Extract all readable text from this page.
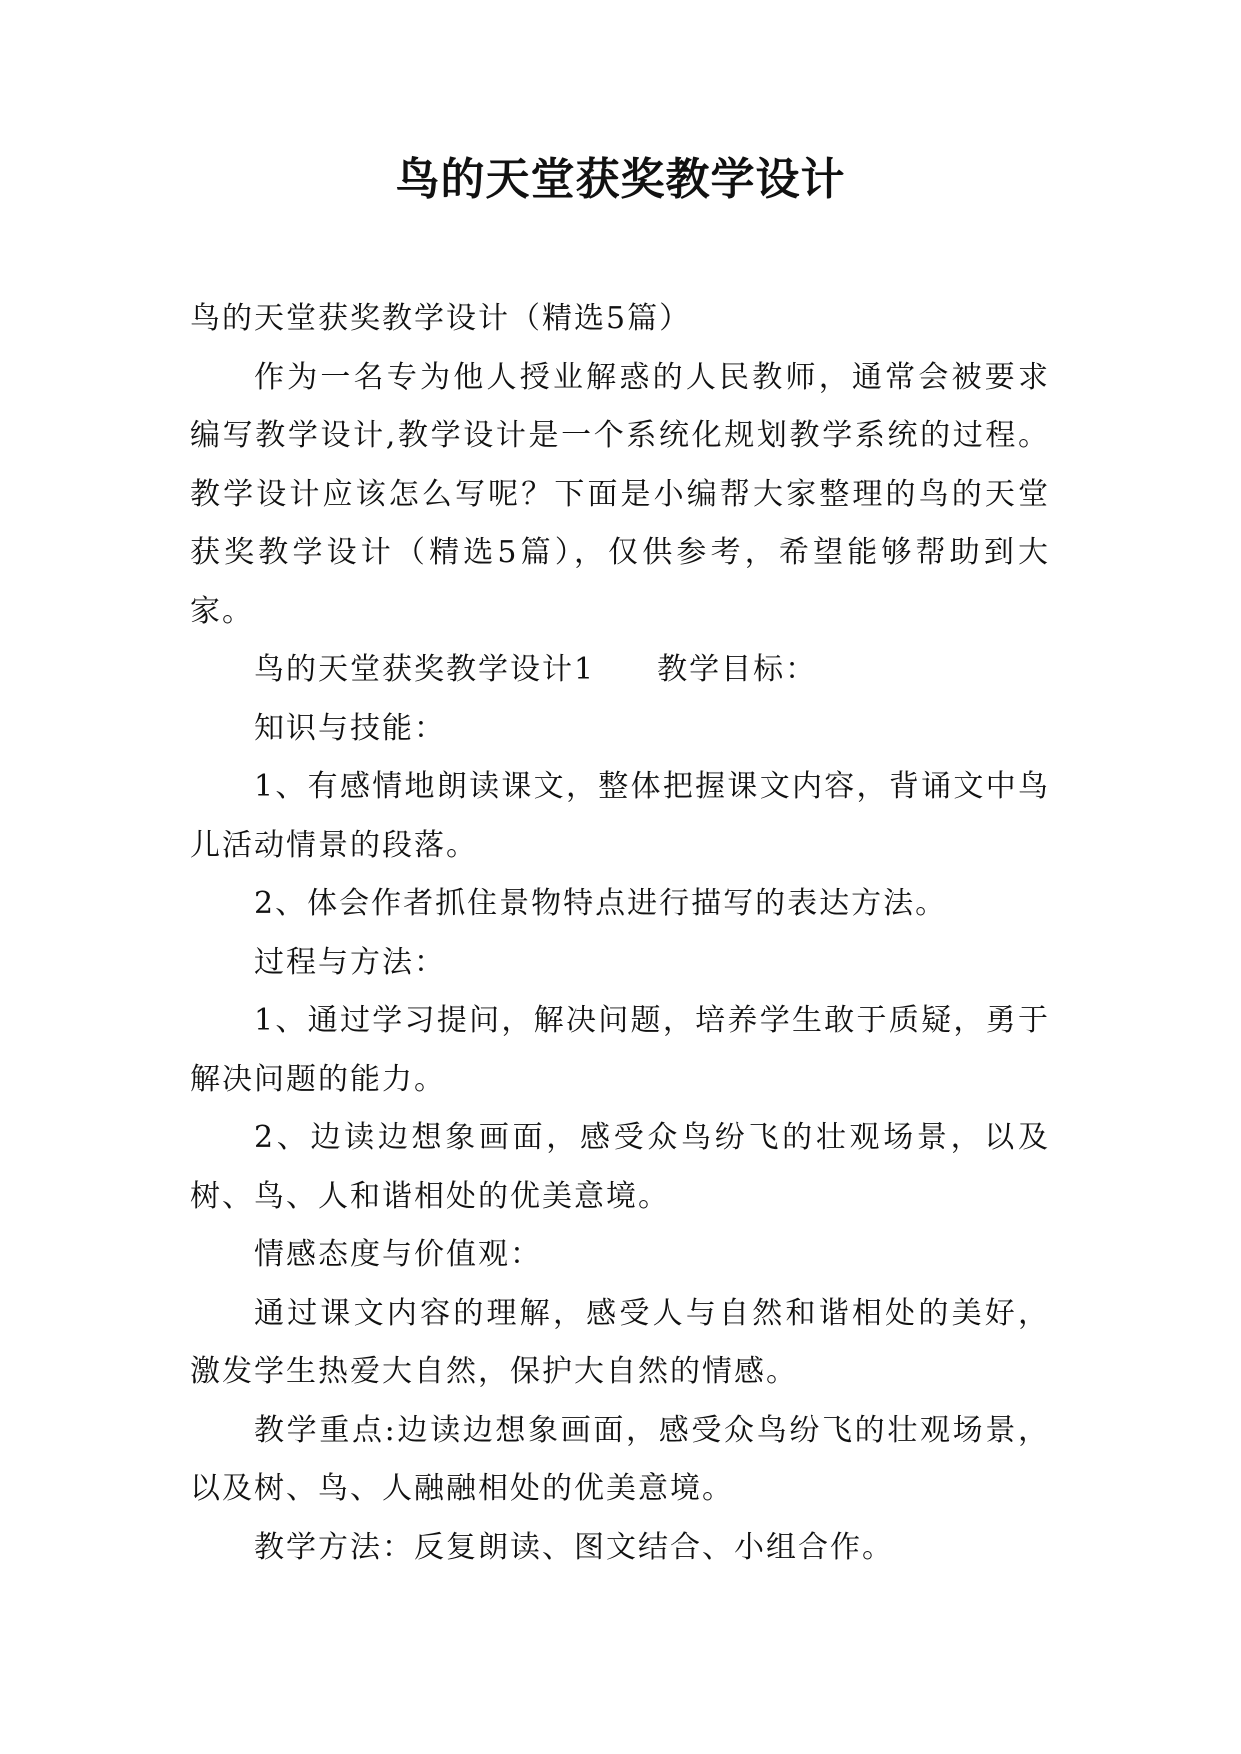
鸟的天堂获奖教学设计

鸟的天堂获奖教学设计（精选5篇）

作为一名专为他人授业解惑的人民教师，通常会被要求编写教学设计,教学设计是一个系统化规划教学系统的过程。教学设计应该怎么写呢？下面是小编帮大家整理的鸟的天堂获奖教学设计（精选5篇），仅供参考，希望能够帮助到大家。

鸟的天堂获奖教学设计1 教学目标：

知识与技能：

1、有感情地朗读课文，整体把握课文内容，背诵文中鸟儿活动情景的段落。

2、体会作者抓住景物特点进行描写的表达方法。

过程与方法：

1、通过学习提问，解决问题，培养学生敢于质疑，勇于解决问题的能力。

2、边读边想象画面，感受众鸟纷飞的壮观场景，以及树、鸟、人和谐相处的优美意境。

情感态度与价值观：

通过课文内容的理解，感受人与自然和谐相处的美好，激发学生热爱大自然，保护大自然的情感。

教学重点:边读边想象画面，感受众鸟纷飞的壮观场景，以及树、鸟、人融融相处的优美意境。

教学方法：反复朗读、图文结合、小组合作。
